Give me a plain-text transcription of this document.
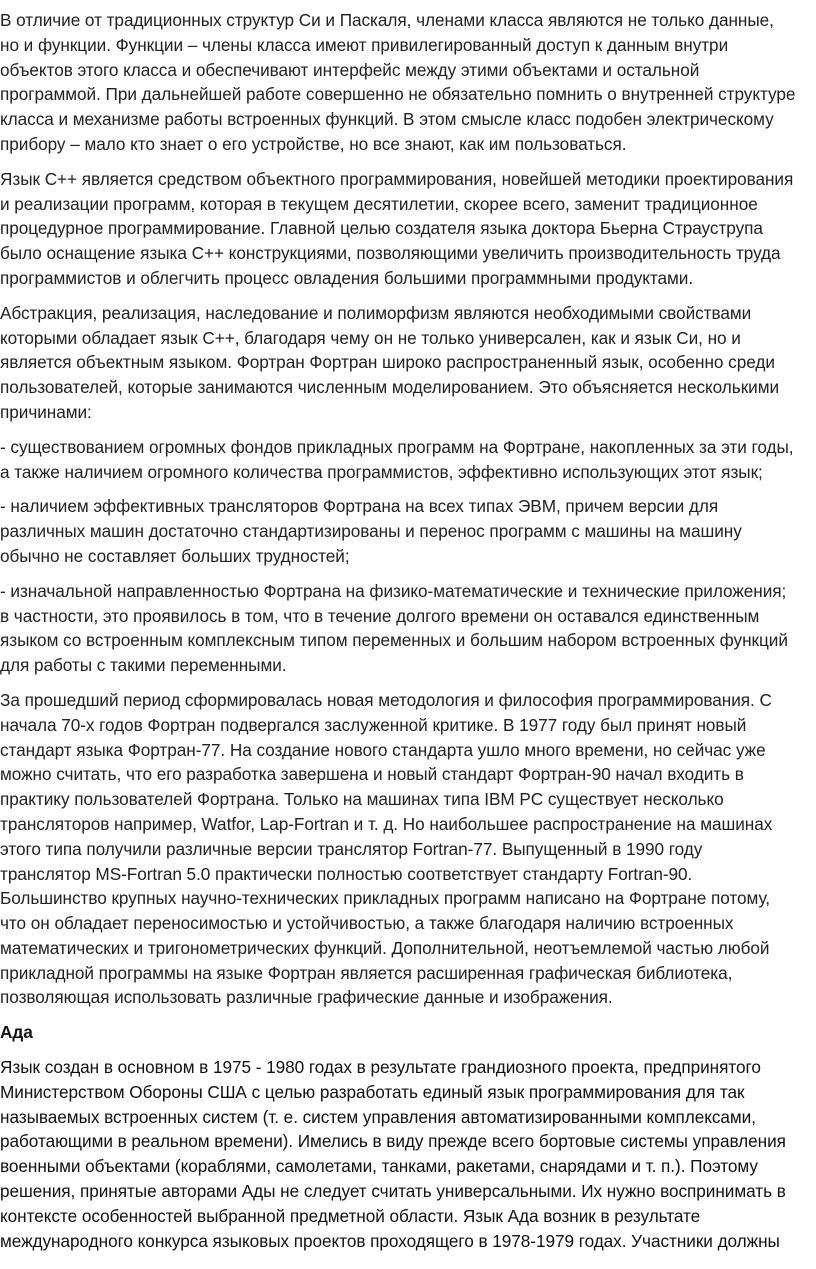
В отличие от традиционных структур Си и Паскаля, членами класса являются не только данные,
но и функции. Функции – члены класса имеют привилегированный доступ к данным внутри
объектов этого класса и обеспечивают интерфейс между этими объектами и остальной
программой. При дальнейшей работе совершенно не обязательно помнить о внутренней структуре
класса и механизме работы встроенных функций. В этом смысле класс подобен электрическому
прибору – мало кто знает о его устройстве, но все знают, как им пользоваться.
Язык С++ является средством объектного программирования, новейшей методики проектирования
и реализации программ, которая в текущем десятилетии, скорее всего, заменит традиционное
процедурное программирование. Главной целью создателя языка доктора Бьерна Страуструпа
было оснащение языка С++ конструкциями, позволяющими увеличить производительность труда
программистов и облегчить процесс овладения большими программными продуктами.
Абстракция, реализация, наследование и полиморфизм являются необходимыми свойствами
которыми обладает язык С++, благодаря чему он не только универсален, как и язык Си, но и
является объектным языком. Фортран Фортран широко распространенный язык, особенно среди
пользователей, которые занимаются численным моделированием. Это объясняется несколькими
причинами:
- существованием огромных фондов прикладных программ на Фортране, накопленных за эти годы,
а также наличием огромного количества программистов, эффективно использующих этот язык;
- наличием эффективных трансляторов Фортрана на всех типах ЭВМ, причем версии для
различных машин достаточно стандартизированы и перенос программ с машины на машину
обычно не составляет больших трудностей;
- изначальной направленностью Фортрана на физико-математические и технические приложения;
в частности, это проявилось в том, что в течение долгого времени он оставался единственным
языком со встроенным комплексным типом переменных и большим набором встроенных функций
для работы с такими переменными.
За прошедший период сформировалась новая методология и философия программирования. С
начала 70-х годов Фортран подвергался заслуженной критике. В 1977 году был принят новый
стандарт языка Фортран-77. На создание нового стандарта ушло много времени, но сейчас уже
можно считать, что его разработка завершена и новый стандарт Фортран-90 начал входить в
практику пользователей Фортрана. Только на машинах типа IBM PC существует несколько
трансляторов например, Watfor, Lap-Fortran и т. д. Но наибольшее распространение на машинах
этого типа получили различные версии транслятор Fortran-77. Выпущенный в 1990 году
транслятор MS-Fortran 5.0 практически полностью соответствует стандарту Fortran-90.
Большинство крупных научно-технических прикладных программ написано на Фортране потому,
что он обладает переносимостью и устойчивостью, а также благодаря наличию встроенных
математических и тригонометрических функций. Дополнительной, неотъемлемой частью любой
прикладной программы на языке Фортран является расширенная графическая библиотека,
позволяющая использовать различные графические данные и изображения.
Ада
Язык создан в основном в 1975 - 1980 годах в результате грандиозного проекта, предпринятого
Министерством Обороны США с целью разработать единый язык программирования для так
называемых встроенных систем (т. е. систем управления автоматизированными комплексами,
работающими в реальном времени). Имелись в виду прежде всего бортовые системы управления
военными объектами (кораблями, самолетами, танками, ракетами, снарядами и т. п.). Поэтому
решения, принятые авторами Ады не следует считать универсальными. Их нужно воспринимать в
контексте особенностей выбранной предметной области. Язык Ада возник в результате
международного конкурса языковых проектов проходящего в 1978-1979 годах. Участники должны
